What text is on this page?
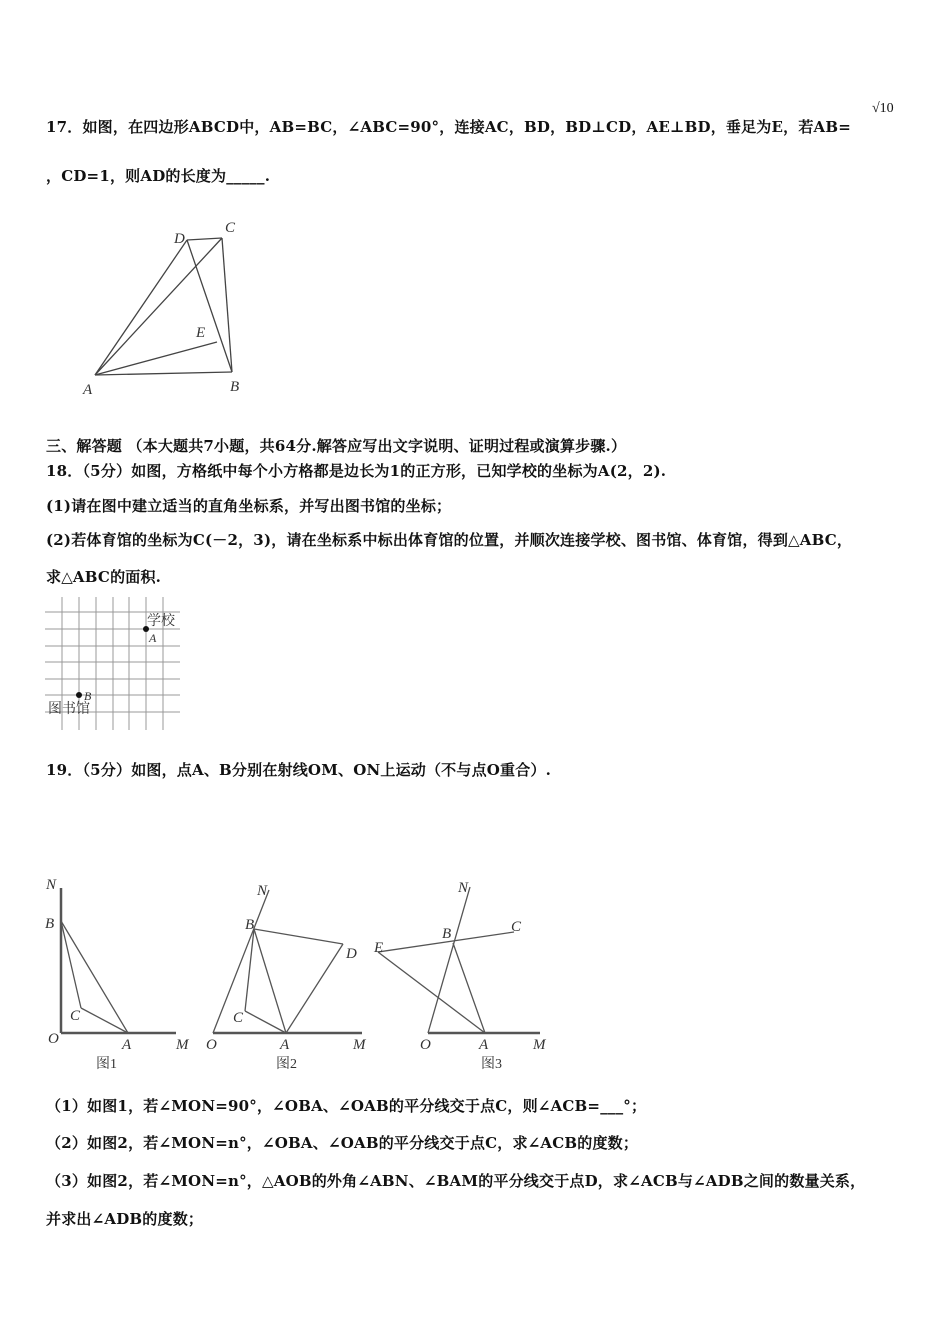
17．如图，在四边形ABCD中，AB=BC，∠ABC=90°，连接AC，BD，BD⊥CD，AE⊥BD，垂足为E，若AB=
√10
，CD=1，则AD的长度为_____.
A	B
C
D
E
三、解答题 （本大题共7小题，共64分.解答应写出文字说明、证明过程或演算步骤.）
18．（5分）如图，方格纸中每个小方格都是边长为1的正方形，已知学校的坐标为A(2，2).
(1)请在图中建立适当的直角坐标系，并写出图书馆的坐标；
(2)若体育馆的坐标为C(－2，3)，请在坐标系中标出体育馆的位置，并顺次连接学校、图书馆、体育馆，得到△ABC，
求△ABC的面积.
学校
A
B
图书馆
19．（5分）如图，点A、B分别在射线OM、ON上运动（不与点O重合）.
N
B
C
O	A	M
图1
N
B
C
D
O	A	M
图2
N
B	C
E
O	A	M
图3
（1）如图1，若∠MON=90°，∠OBA、∠OAB的平分线交于点C，则∠ACB=___°；
（2）如图2，若∠MON=n°，∠OBA、∠OAB的平分线交于点C，求∠ACB的度数；
（3）如图2，若∠MON=n°，△AOB的外角∠ABN、∠BAM的平分线交于点D，求∠ACB与∠ADB之间的数量关系，
并求出∠ADB的度数；
